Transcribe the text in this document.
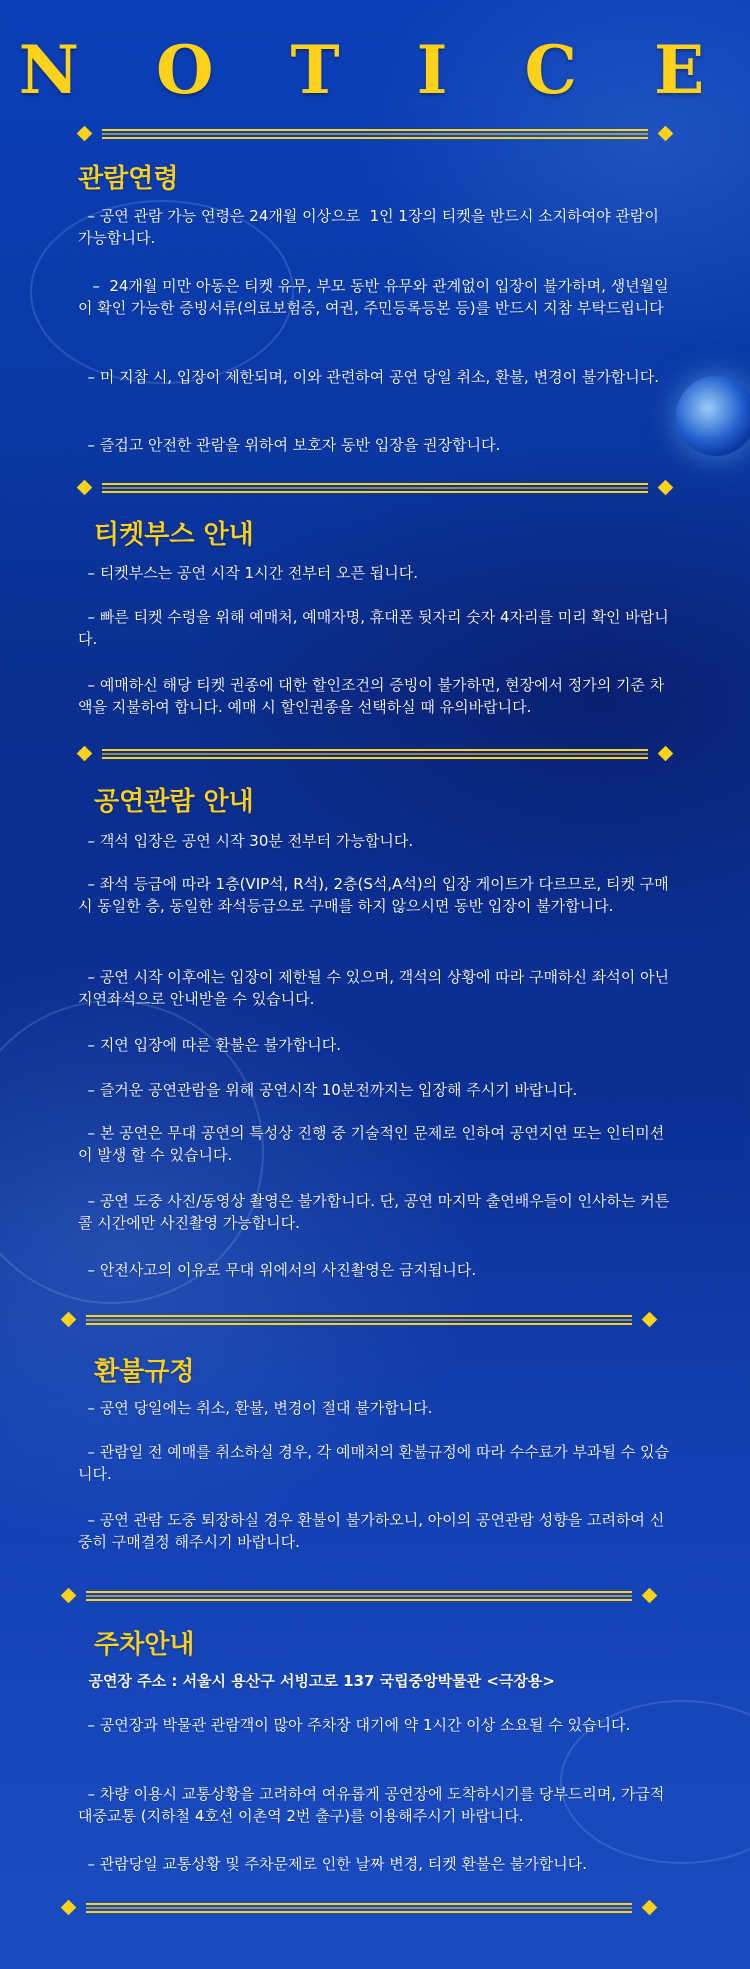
N O T I C E
관람연령
– 공연 관람 가능 연령은 24개월 이상으로  1인 1장의 티켓을 반드시 소지하여야 관람이 가능합니다.
–  24개월 미만 아동은 티켓 유무, 부모 동반 유무와 관계없이 입장이 불가하며, 생년월일이 확인 가능한 증빙서류(의료보험증, 여권, 주민등록등본 등)를 반드시 지참 부탁드립니다
– 미 지참 시, 입장이 제한되며, 이와 관련하여 공연 당일 취소, 환불, 변경이 불가합니다.
– 즐겁고 안전한 관람을 위하여 보호자 동반 입장을 권장합니다.
티켓부스 안내
– 티켓부스는 공연 시작 1시간 전부터 오픈 됩니다.
– 빠른 티켓 수령을 위해 예매처, 예매자명, 휴대폰 뒷자리 숫자 4자리를 미리 확인 바랍니다.
– 예매하신 해당 티켓 권종에 대한 할인조건의 증빙이 불가하면, 현장에서 정가의 기준 차액을 지불하여 합니다. 예매 시 할인권종을 선택하실 때 유의바랍니다.
공연관람 안내
– 객석 입장은 공연 시작 30분 전부터 가능합니다.
– 좌석 등급에 따라 1층(VIP석, R석), 2층(S석,A석)의 입장 게이트가 다르므로, 티켓 구매 시 동일한 층, 동일한 좌석등급으로 구매를 하지 않으시면 동반 입장이 불가합니다.
– 공연 시작 이후에는 입장이 제한될 수 있으며, 객석의 상황에 따라 구매하신 좌석이 아닌 지연좌석으로 안내받을 수 있습니다.
– 지연 입장에 따른 환불은 불가합니다.
– 즐거운 공연관람을 위해 공연시작 10분전까지는 입장해 주시기 바랍니다.
– 본 공연은 무대 공연의 특성상 진행 중 기술적인 문제로 인하여 공연지연 또는 인터미션이 발생 할 수 있습니다.
– 공연 도중 사진/동영상 촬영은 불가합니다. 단, 공연 마지막 출연배우들이 인사하는 커튼콜 시간에만 사진촬영 가능합니다.
– 안전사고의 이유로 무대 위에서의 사진촬영은 금지됩니다.
환불규정
– 공연 당일에는 취소, 환불, 변경이 절대 불가합니다.
– 관람일 전 예매를 취소하실 경우, 각 예매처의 환불규정에 따라 수수료가 부과될 수 있습니다.
– 공연 관람 도중 퇴장하실 경우 환불이 불가하오니, 아이의 공연관람 성향을 고려하여 신중히 구매결정 해주시기 바랍니다.
주차안내
공연장 주소 : 서울시 용산구 서빙고로 137 국립중앙박물관 <극장용>
– 공연장과 박물관 관람객이 많아 주차장 대기에 약 1시간 이상 소요될 수 있습니다.
– 차량 이용시 교통상황을 고려하여 여유롭게 공연장에 도착하시기를 당부드리며, 가급적 대중교통 (지하철 4호선 이촌역 2번 출구)를 이용해주시기 바랍니다.
– 관람당일 교통상황 및 주차문제로 인한 날짜 변경, 티켓 환불은 불가합니다.
